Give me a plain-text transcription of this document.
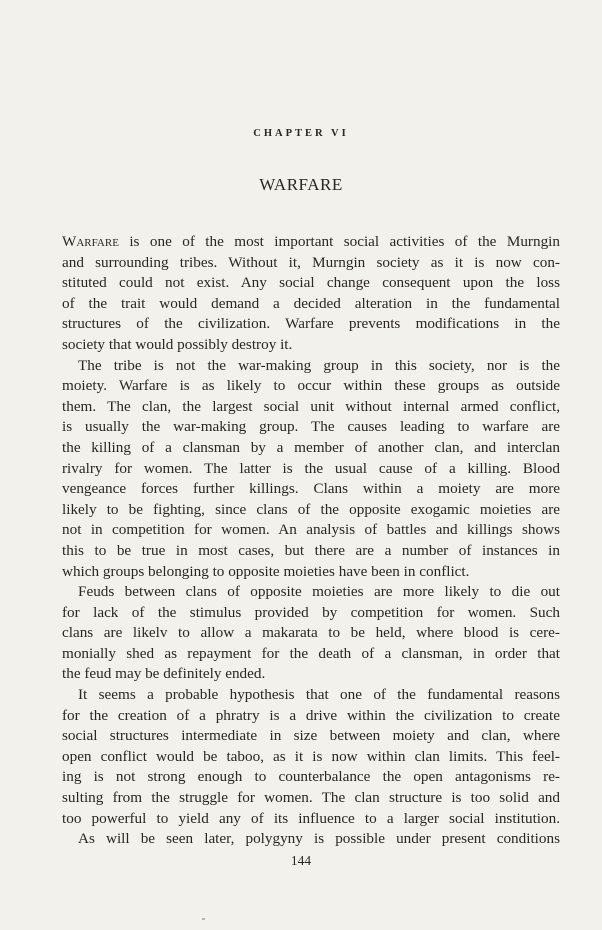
CHAPTER VI
WARFARE
Warfare is one of the most important social activities of the Murngin
and surrounding tribes. Without it, Murngin society as it is now con-
stituted could not exist. Any social change consequent upon the loss
of the trait would demand a decided alteration in the fundamental
structures of the civilization. Warfare prevents modifications in the
society that would possibly destroy it.
The tribe is not the war-making group in this society, nor is the
moiety. Warfare is as likely to occur within these groups as outside
them. The clan, the largest social unit without internal armed conflict,
is usually the war-making group. The causes leading to warfare are
the killing of a clansman by a member of another clan, and interclan
rivalry for women. The latter is the usual cause of a killing. Blood
vengeance forces further killings. Clans within a moiety are more
likely to be fighting, since clans of the opposite exogamic moieties are
not in competition for women. An analysis of battles and killings shows
this to be true in most cases, but there are a number of instances in
which groups belonging to opposite moieties have been in conflict.
Feuds between clans of opposite moieties are more likely to die out
for lack of the stimulus provided by competition for women. Such
clans are likelv to allow a makarata to be held, where blood is cere-
monially shed as repayment for the death of a clansman, in order that
the feud may be definitely ended.
It seems a probable hypothesis that one of the fundamental reasons
for the creation of a phratry is a drive within the civilization to create
social structures intermediate in size between moiety and clan, where
open conflict would be taboo, as it is now within clan limits. This feel-
ing is not strong enough to counterbalance the open antagonisms re-
sulting from the struggle for women. The clan structure is too solid and
too powerful to yield any of its influence to a larger social institution.
As will be seen later, polygyny is possible under present conditions
144
